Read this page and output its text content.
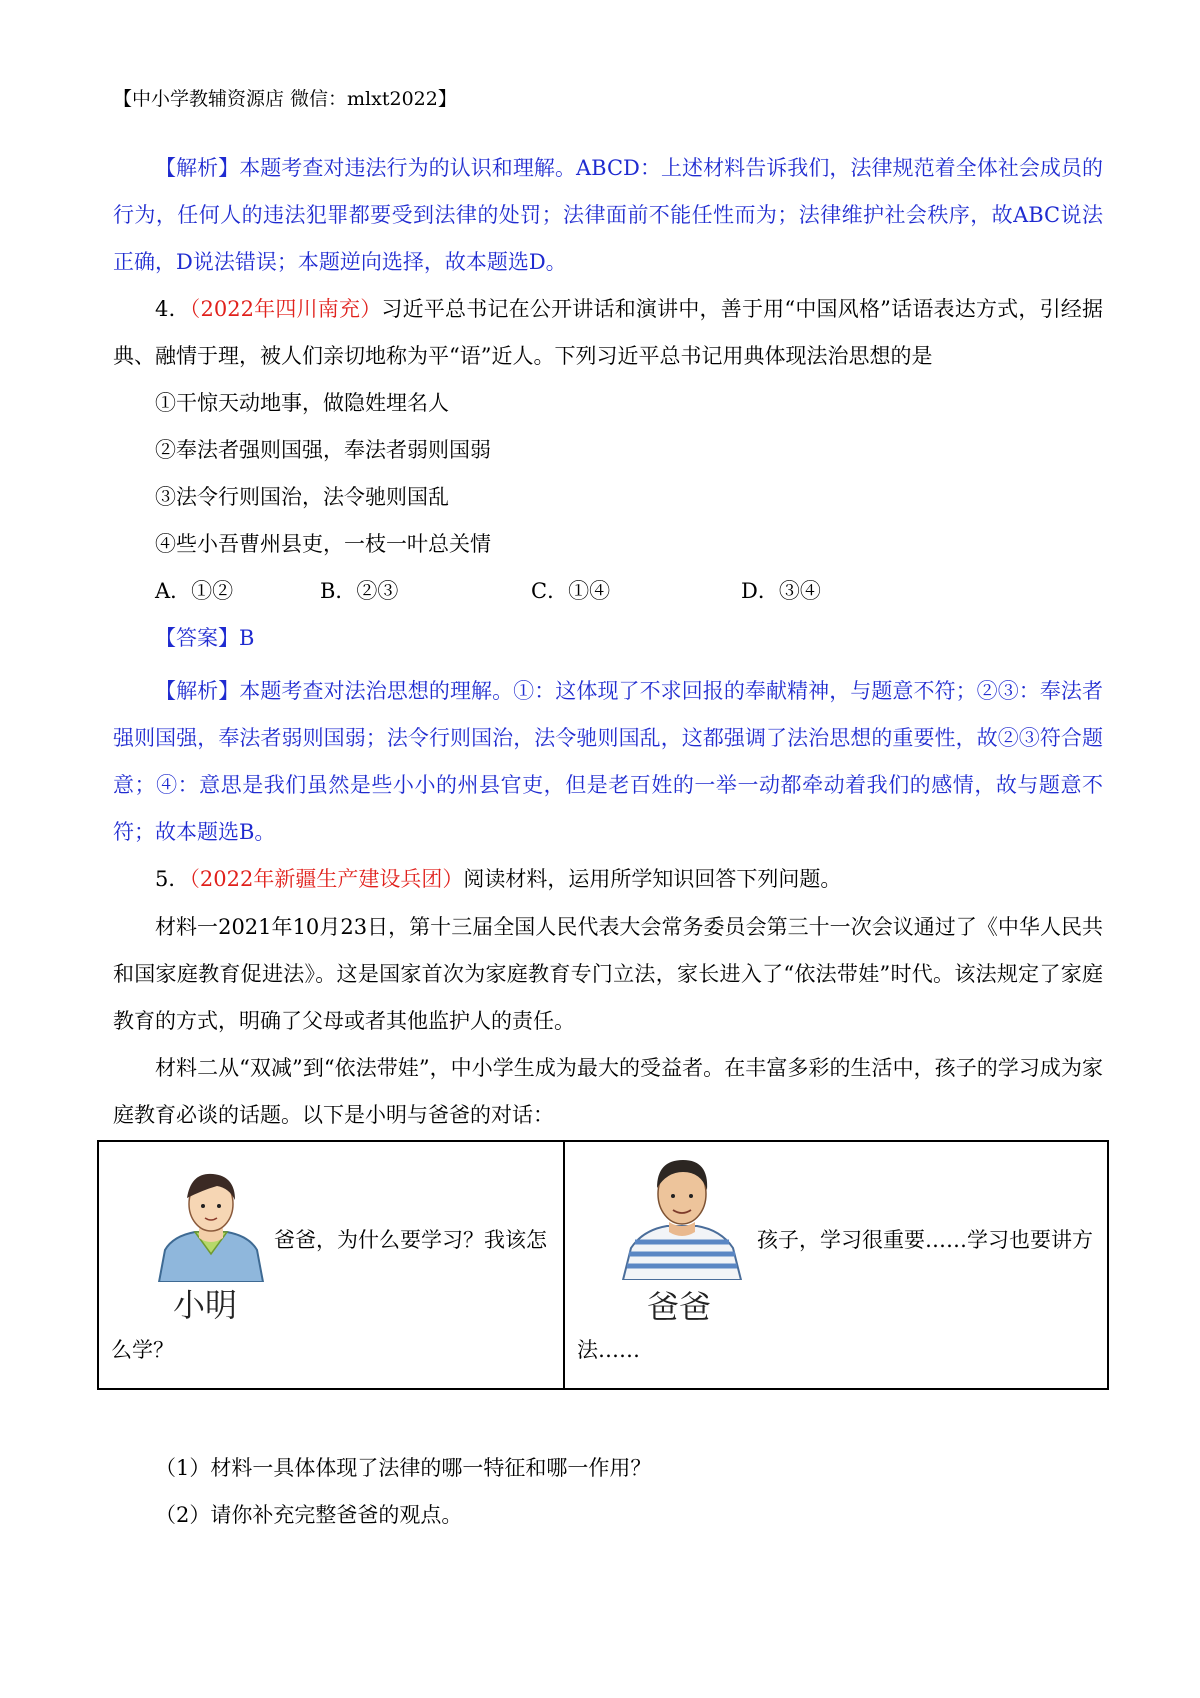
【中小学教辅资源店 微信：mlxt2022】
【解析】本题考查对违法行为的认识和理解。ABCD：上述材料告诉我们，法律规范着全体社会成员的行为，任何人的违法犯罪都要受到法律的处罚；法律面前不能任性而为；法律维护社会秩序，故ABC说法正确，D说法错误；本题逆向选择，故本题选D。
4．（2022年四川南充）习近平总书记在公开讲话和演讲中，善于用“中国风格”话语表达方式，引经据典、融情于理，被人们亲切地称为平“语”近人。下列习近平总书记用典体现法治思想的是
①干惊天动地事，做隐姓埋名人
②奉法者强则国强，奉法者弱则国弱
③法令行则国治，法令驰则国乱
④些小吾曹州县吏，一枝一叶总关情
A．①②	B．②③	C．①④	D．③④
【答案】B
【解析】本题考查对法治思想的理解。①：这体现了不求回报的奉献精神，与题意不符；②③：奉法者强则国强，奉法者弱则国弱；法令行则国治，法令驰则国乱，这都强调了法治思想的重要性，故②③符合题意；④：意思是我们虽然是些小小的州县官吏，但是老百姓的一举一动都牵动着我们的感情，故与题意不符；故本题选B。
5．（2022年新疆生产建设兵团）阅读材料，运用所学知识回答下列问题。
材料一2021年10月23日，第十三届全国人民代表大会常务委员会第三十一次会议通过了《中华人民共和国家庭教育促进法》。这是国家首次为家庭教育专门立法，家长进入了“依法带娃”时代。该法规定了家庭教育的方式，明确了父母或者其他监护人的责任。
材料二从“双减”到“依法带娃”，中小学生成为最大的受益者。在丰富多彩的生活中，孩子的学习成为家庭教育必谈的话题。以下是小明与爸爸的对话：
小明
爸爸，为什么要学习？我该怎
么学？
爸爸
孩子，学习很重要……学习也要讲方
法……
（1）材料一具体体现了法律的哪一特征和哪一作用？
（2）请你补充完整爸爸的观点。
